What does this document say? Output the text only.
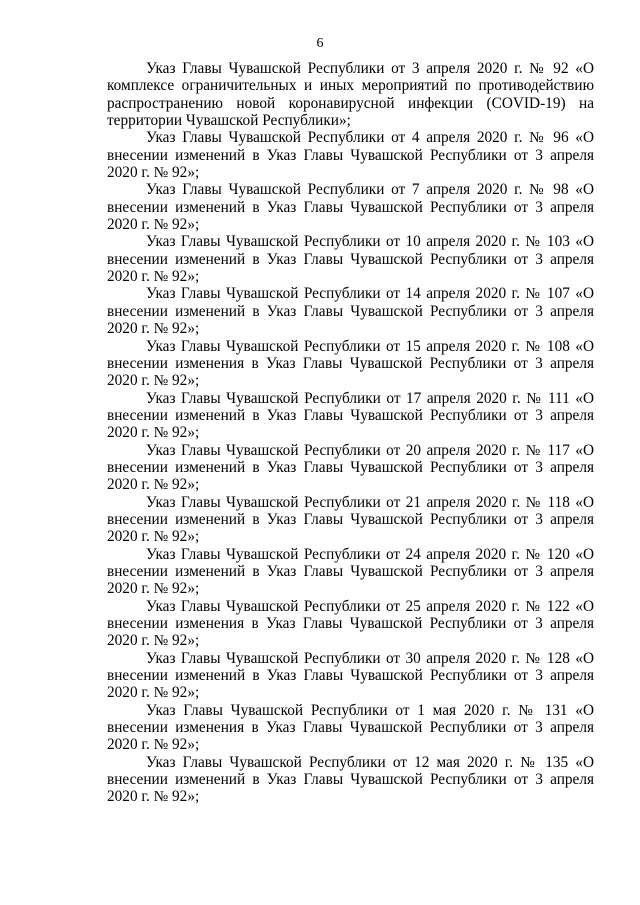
6

Указ Главы Чувашской Республики от 3 апреля 2020 г. № 92 «О комплексе ограничительных и иных мероприятий по противодействию распространению новой коронавирусной инфекции (COVID-19) на территории Чувашской Республики»;

Указ Главы Чувашской Республики от 4 апреля 2020 г. № 96 «О внесении изменений в Указ Главы Чувашской Республики от 3 апреля 2020 г. № 92»;

Указ Главы Чувашской Республики от 7 апреля 2020 г. № 98 «О внесении изменений в Указ Главы Чувашской Республики от 3 апреля 2020 г. № 92»;

Указ Главы Чувашской Республики от 10 апреля 2020 г. № 103 «О внесении изменений в Указ Главы Чувашской Республики от 3 апреля 2020 г. № 92»;

Указ Главы Чувашской Республики от 14 апреля 2020 г. № 107 «О внесении изменений в Указ Главы Чувашской Республики от 3 апреля 2020 г. № 92»;

Указ Главы Чувашской Республики от 15 апреля 2020 г. № 108 «О внесении изменения в Указ Главы Чувашской Республики от 3 апреля 2020 г. № 92»;

Указ Главы Чувашской Республики от 17 апреля 2020 г. № 111 «О внесении изменений в Указ Главы Чувашской Республики от 3 апреля 2020 г. № 92»;

Указ Главы Чувашской Республики от 20 апреля 2020 г. № 117 «О внесении изменений в Указ Главы Чувашской Республики от 3 апреля 2020 г. № 92»;

Указ Главы Чувашской Республики от 21 апреля 2020 г. № 118 «О внесении изменений в Указ Главы Чувашской Республики от 3 апреля 2020 г. № 92»;

Указ Главы Чувашской Республики от 24 апреля 2020 г. № 120 «О внесении изменений в Указ Главы Чувашской Республики от 3 апреля 2020 г. № 92»;

Указ Главы Чувашской Республики от 25 апреля 2020 г. № 122 «О внесении изменения в Указ Главы Чувашской Республики от 3 апреля 2020 г. № 92»;

Указ Главы Чувашской Республики от 30 апреля 2020 г. № 128 «О внесении изменений в Указ Главы Чувашской Республики от 3 апреля 2020 г. № 92»;

Указ Главы Чувашской Республики от 1 мая 2020 г. № 131 «О внесении изменения в Указ Главы Чувашской Республики от 3 апреля 2020 г. № 92»;

Указ Главы Чувашской Республики от 12 мая 2020 г. № 135 «О внесении изменений в Указ Главы Чувашской Республики от 3 апреля 2020 г. № 92»;
